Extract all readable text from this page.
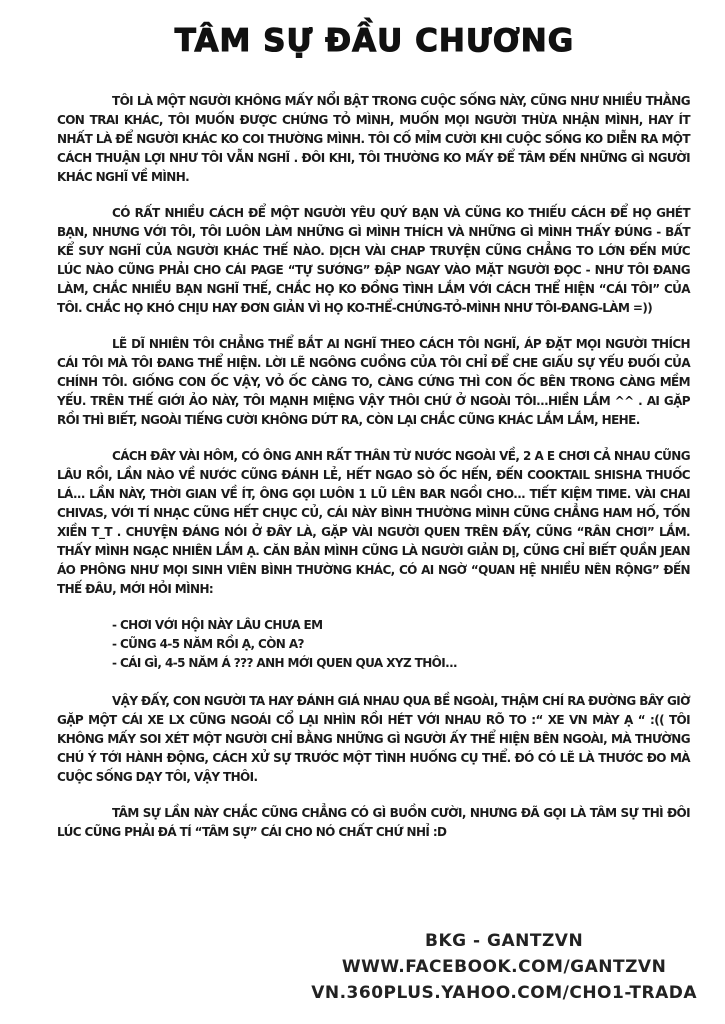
TÂM SỰ ĐẦU CHƯƠNG

TÔI LÀ MỘT NGƯỜI KHÔNG MẤY NỔI BẬT TRONG CUỘC SỐNG NÀY, CŨNG NHƯ NHIỀU THẰNG CON TRAI KHÁC, TÔI MUỐN ĐƯỢC CHỨNG TỎ MÌNH, MUỐN MỌI NGƯỜI THỪA NHẬN MÌNH, HAY ÍT NHẤT LÀ ĐỂ NGƯỜI KHÁC KO COI THƯỜNG MÌNH. TÔI CỐ MỈM CƯỜI KHI CUỘC SỐNG KO DIỄN RA MỘT CÁCH THUẬN LỢI NHƯ TÔI VẪN NGHĨ . ĐÔI KHI, TÔI THƯỜNG KO MẤY ĐỂ TÂM ĐẾN NHỮNG GÌ NGƯỜI KHÁC NGHĨ VỀ MÌNH.

CÓ RẤT NHIỀU CÁCH ĐỂ MỘT NGƯỜI YÊU QUÝ BẠN VÀ CŨNG KO THIẾU CÁCH ĐỂ HỌ GHÉT BẠN, NHƯNG VỚI TÔI, TÔI LUÔN LÀM NHỮNG GÌ MÌNH THÍCH VÀ NHỮNG GÌ MÌNH THẤY ĐÚNG - BẤT KỂ SUY NGHĨ CỦA NGƯỜI KHÁC THẾ NÀO. DỊCH VÀI CHAP TRUYỆN CŨNG CHẲNG TO LỚN ĐẾN MỨC LÚC NÀO CŨNG PHẢI CHO CÁI PAGE “TỰ SƯỚNG” ĐẬP NGAY VÀO MẶT NGƯỜI ĐỌC - NHƯ TÔI ĐANG LÀM, CHẮC NHIỀU BẠN NGHĨ THẾ, CHẮC HỌ KO ĐỒNG TÌNH LẮM VỚI CÁCH THỂ HIỆN “CÁI TÔI” CỦA TÔI. CHẮC HỌ KHÓ CHỊU HAY ĐƠN GIẢN VÌ HỌ KO-THỂ-CHỨNG-TỎ-MÌNH NHƯ TÔI-ĐANG-LÀM =))

LẼ DĨ NHIÊN TÔI CHẲNG THỂ BẮT AI NGHĨ THEO CÁCH TÔI NGHĨ, ÁP ĐẶT MỌI NGƯỜI THÍCH CÁI TÔI MÀ TÔI ĐANG THỂ HIỆN. LỜI LẼ NGÔNG CUỒNG CỦA TÔI CHỈ ĐỂ CHE GIẤU SỰ YẾU ĐUỐI CỦA CHÍNH TÔI. GIỐNG CON ỐC VẬY, VỎ ỐC CÀNG TO, CÀNG CỨNG THÌ CON ỐC BÊN TRONG CÀNG MỀM YẾU. TRÊN THẾ GIỚI ẢO NÀY, TÔI MẠNH MIỆNG VẬY THÔI CHỨ Ở NGOÀI TÔI...HIỀN LẮM ^^ . AI GẶP RỒI THÌ BIẾT, NGOÀI TIẾNG CƯỜI KHÔNG DỨT RA, CÒN LẠI CHẮC CŨNG KHÁC LẮM LẮM, HEHE.

CÁCH ĐÂY VÀI HÔM, CÓ ÔNG ANH RẤT THÂN TỪ NƯỚC NGOÀI VỀ, 2 A E CHƠI CẢ NHAU CŨNG LÂU RỒI, LẦN NÀO VỀ NƯỚC CŨNG ĐÁNH LẺ, HẾT NGAO SÒ ỐC HẾN, ĐẾN COOKTAIL SHISHA THUỐC LÁ... LẦN NÀY, THỜI GIAN VỀ ÍT, ÔNG GỌI LUÔN 1 LŨ LÊN BAR NGỒI CHO... TIẾT KIỆM TIME. VÀI CHAI CHIVAS, VỚI TÍ NHẠC CŨNG HẾT CHỤC CỦ, CÁI NÀY BÌNH THƯỜNG MÌNH CŨNG CHẲNG HAM HỐ, TỐN XIỀN T_T . CHUYỆN ĐÁNG NÓI Ở ĐÂY LÀ, GẶP VÀI NGƯỜI QUEN TRÊN ĐẤY, CŨNG “RÂN CHƠI” LẮM. THẤY MÌNH NGẠC NHIÊN LẮM Ạ. CĂN BẢN MÌNH CŨNG LÀ NGƯỜI GIẢN DỊ, CŨNG CHỈ BIẾT QUẦN JEAN ÁO PHÔNG NHƯ MỌI SINH VIÊN BÌNH THƯỜNG KHÁC, CÓ AI NGỜ “QUAN HỆ NHIỀU NÊN RỘNG” ĐẾN THẾ ĐÂU, MỚI HỎI MÌNH:

- CHƠI VỚI HỘI NÀY LÂU CHƯA EM
- CŨNG 4-5 NĂM RỒI Ạ, CÒN A?
- CÁI GÌ, 4-5 NĂM Á ??? ANH MỚI QUEN QUA XYZ THÔI...

VẬY ĐẤY, CON NGƯỜI TA HAY ĐÁNH GIÁ NHAU QUA BỀ NGOÀI, THẬM CHÍ RA ĐƯỜNG BÂY GIỜ GẶP MỘT CÁI XE LX CŨNG NGOÁI CỔ LẠI NHÌN RỒI HÉT VỚI NHAU RÕ TO :“ XE VN MÀY Ạ “ :(( TÔI KHÔNG MẤY SOI XÉT MỘT NGƯỜI CHỈ BẰNG NHỮNG GÌ NGƯỜI ẤY THỂ HIỆN BÊN NGOÀI, MÀ THƯỜNG CHÚ Ý TỚI HÀNH ĐỘNG, CÁCH XỬ SỰ TRƯỚC MỘT TÌNH HUỐNG CỤ THỂ. ĐÓ CÓ LẼ LÀ THƯỚC ĐO MÀ CUỘC SỐNG DẠY TÔI, VẬY THÔI.

TÂM SỰ LẦN NÀY CHẮC CŨNG CHẲNG CÓ GÌ BUỒN CƯỜI, NHƯNG ĐÃ GỌI LÀ TÂM SỰ THÌ ĐÔI LÚC CŨNG PHẢI ĐÁ TÍ “TÂM SỰ” CÁI CHO NÓ CHẤT CHỨ NHỈ :D

BKG - GANTZVN
WWW.FACEBOOK.COM/GANTZVN
VN.360PLUS.YAHOO.COM/CHO1-TRADA
